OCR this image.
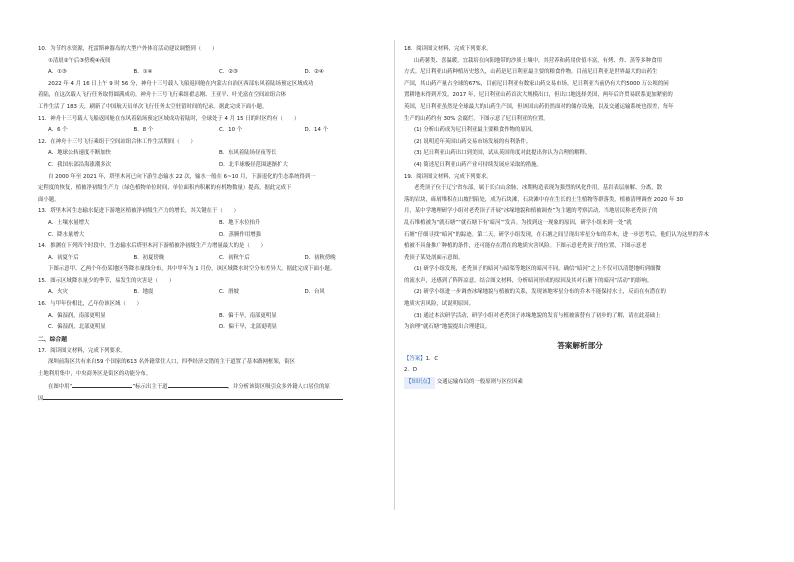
10．为节约水资源，托雷斯神器岛的大型户外体育活动建议调整到（　　）
①清晨②午后③傍晚④夜间
A．①③	B．①④	C．②③	D．②④
2022 年 4 月 16 日上午 9 时 56 分，神舟十三号载人飞船返回舱在内蒙古自治区西部东风着陆场预定区域成功
着陆，在这次载人飞行任务取得圆满成功。神舟十三号飞行乘组翟志刚、王亚平、叶光富在空间站组合体
工作生活了 183 天，刷新了中国航天员单次飞行任务太空驻留时间的纪录。据此完成下面小题。
11．神舟十三号载人飞船返回舱在东风着陆场预定区域成功着陆时，全球处于 4 月 15 日的时区约有（　　）
A．6 个	B．8 个	C．10 个	D．14 个
12．在神舟十三号飞行乘组于空间站组合体工作生活期间（　　）
A．地球公转速度不断加快	B．东风着陆场昼夜等长
C．我国东部沿海涨潮多次	D．北半球极昼范围逐渐扩大
自 2000 年至 2021 年，塔里木河已向下游生态输水 22 次，输水一般在 6~10 月，下游退化的生态系统得到一
定程度的恢复，植被净初级生产力（绿色植物单位时间、单位面积内积累的有机物数量）提高。据此完成下
面小题。
13．塔里木河生态输水促进下游地区植被净初级生产力的增长，其关键在于（　　）
A．土壤水量增大	B．地下水位抬升
C．降水量增大	D．蒸腾作用增强
14．推测在下列四个时段中，生态输水后塔里木河下游植被净初级生产力增量最大的是（　　）
A．初夏午后	B．初夏傍晚	C．初秋午后	D．初秋傍晚
下图示意甲、乙两个年份某地区等降水量线分布，其中甲年为 1 月份，该区域降水时空分布差异大。据此完成下面小题。
15．图示区域降水量少的季节，易发生的灾害是（　　）
A．火灾	B．地震	C．滑坡	D．台风
16．与甲年份相比，乙年份该区域（　　）
A．偏湿润，南部更明显	B．偏干旱，南部更明显
C．偏湿润，北部更明显	D．偏干旱，北部更明显
二、综合题
17．阅读图文材料，完成下列要求。
深圳前海区共有来自59 个国家的613 名外籍常住人口，四季经济交错的主干道置了基本路网框架，街区
土地利用集中，中央商务区是街区的功能分布。
在图中用“	”标示出主干道	，并分析该街区吸引众多外籍人口居住的原
因
18．阅读图文材料，完成下列要求。
山药薯类、喜温暖，宜栽培在向阳地带的沙质土壤中，其营养和药用价值丰富，有烤、炸、蒸等多种食用
方式。尼日利亚山药种植历史悠久，山药是尼日利亚最主要的粮食作物。目前尼日利亚是世界最大的山药生
产国，其山药产量占全球的67%，目前尼日利亚有数家山药交易市场。尼日利亚当前仍有大约5000 万公顷的闲
置耕地未得到开发。2017 年，尼日利亚山药首次大规模出口，但出口地选择美国，两年后许贸易联系更加紧密的
英国，尼日利亚虽然是全球最大的山药生产国，但该国山药仍然面对的储存设施，以及交通运输系统也很差，每年
生产的山药约有 30% 会腐烂。下图示意了尼日利亚的位置。
(1) 分析山药成为尼日利亚最主要粮食作物的原因。
(2) 说明近年英国山药交易市场发展的有利条件。
(3) 尼日利亚山药出口到美国，试从英国角度对此提出你认为合理的解释。
(4) 简述尼日利亚山药产业可持续发展应采取的措施。
19．阅读图文材料，完成下列要求。
老秃顶子位于辽宁省东部，属于长白山余脉，冰期构造表现为强烈的风化作用，基岩表层崩解、分离，散
落的岩块，砾屑堆积在山坡凹陷处，成为石块滩，石块滩中存在生长的土生植物等群落类，植被清理调查 2020 年 30
月，某中学地理研学小组对老秃顶子开展“冰缘地貌和植被调查”为主题的考察活动，当地居民称老秃顶子的
乱石堆植被为“就石塘”“就石塘下有‘暗河’”发音。为找到这一现象的原因，研学小组来到一处“就
石塘”仔细寻找“暗河”的踪迹。第二天，研学小组发现，在石塘之间呈现出零星分布的乔木，进一步思考后，他们认为这里的乔木
植被不具备推广种植的条件，还可能存在潜在的地质灾害风险。下图示意老秃顶子的位置，下图示意老
秃顶子某处剖面示意图。
(1) 研学小组发现，老秃顶子的暗河与暗渠等地区的暗河不同，确信“暗河”之上不仅可以清楚地听到细微
的流水声，还感到了阵阵凉意。结合图文材料，分析暗河形成的原因及其对石塘下的暗河“活动”的影响。
(2) 研学小组进一步调查冰缘地貌与植被的关系，发现该地零星分布的乔木不能保持水土，反而在有潜在的
地质灾害风险，试说明原因。
(3) 通过本次研学活动，研学小组对老秃顶子冰缘地貌的发育与植被演替有了初步的了解，请在此基础上
为治理“就石塘”地貌提出合理建议。
答案解析部分
【答案】1．C
2．D
【知识点】 交通运输布局的一般原则与区位因素
